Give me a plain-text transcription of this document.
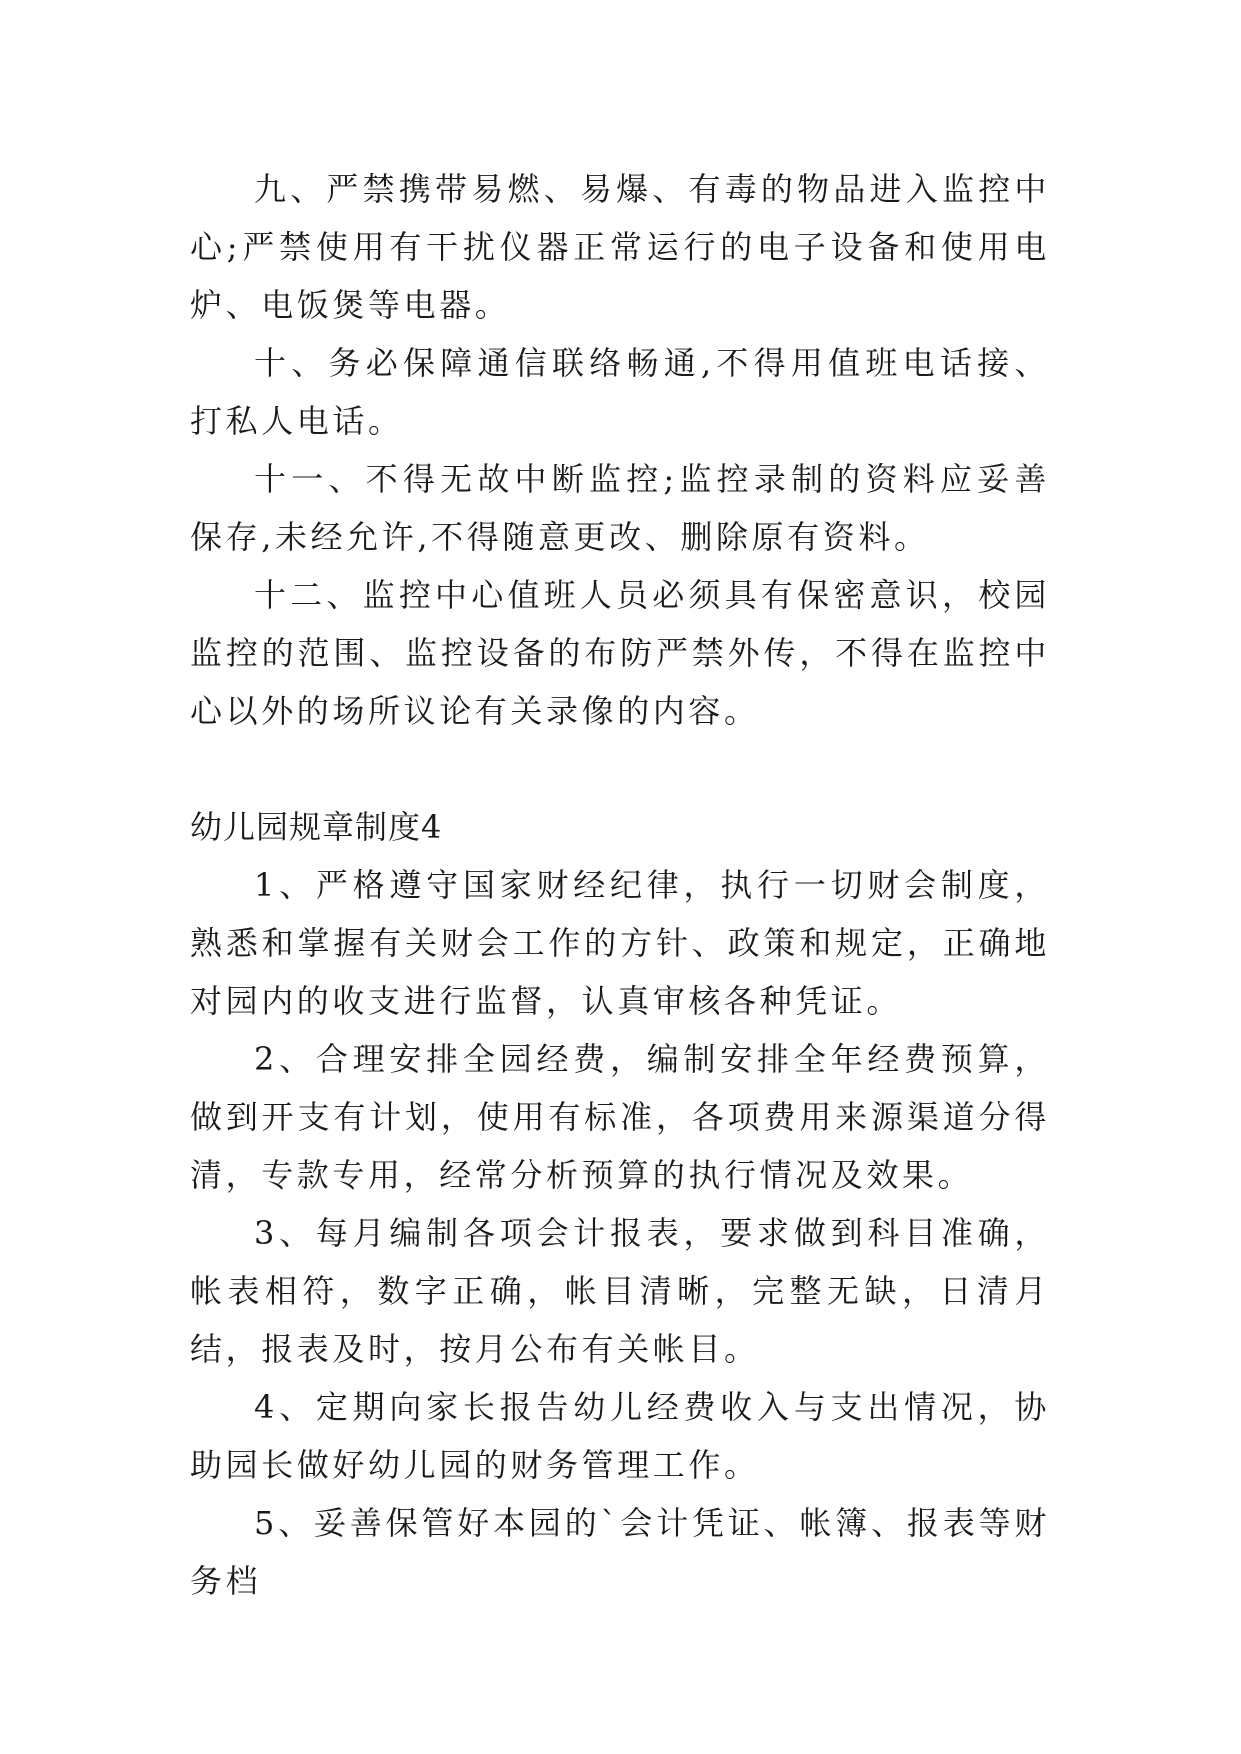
九、严禁携带易燃、易爆、有毒的物品进入监控中心;严禁使用有干扰仪器正常运行的电子设备和使用电炉、电饭煲等电器。

十、务必保障通信联络畅通,不得用值班电话接、打私人电话。

十一、不得无故中断监控;监控录制的资料应妥善保存,未经允许,不得随意更改、删除原有资料。

十二、监控中心值班人员必须具有保密意识，校园监控的范围、监控设备的布防严禁外传，不得在监控中心以外的场所议论有关录像的内容。

幼儿园规章制度4

1、严格遵守国家财经纪律，执行一切财会制度，熟悉和掌握有关财会工作的方针、政策和规定，正确地对园内的收支进行监督，认真审核各种凭证。

2、合理安排全园经费，编制安排全年经费预算，做到开支有计划，使用有标准，各项费用来源渠道分得清，专款专用，经常分析预算的执行情况及效果。

3、每月编制各项会计报表，要求做到科目准确，帐表相符，数字正确，帐目清晰，完整无缺，日清月结，报表及时，按月公布有关帐目。

4、定期向家长报告幼儿经费收入与支出情况，协助园长做好幼儿园的财务管理工作。

5、妥善保管好本园的`会计凭证、帐簿、报表等财务档
